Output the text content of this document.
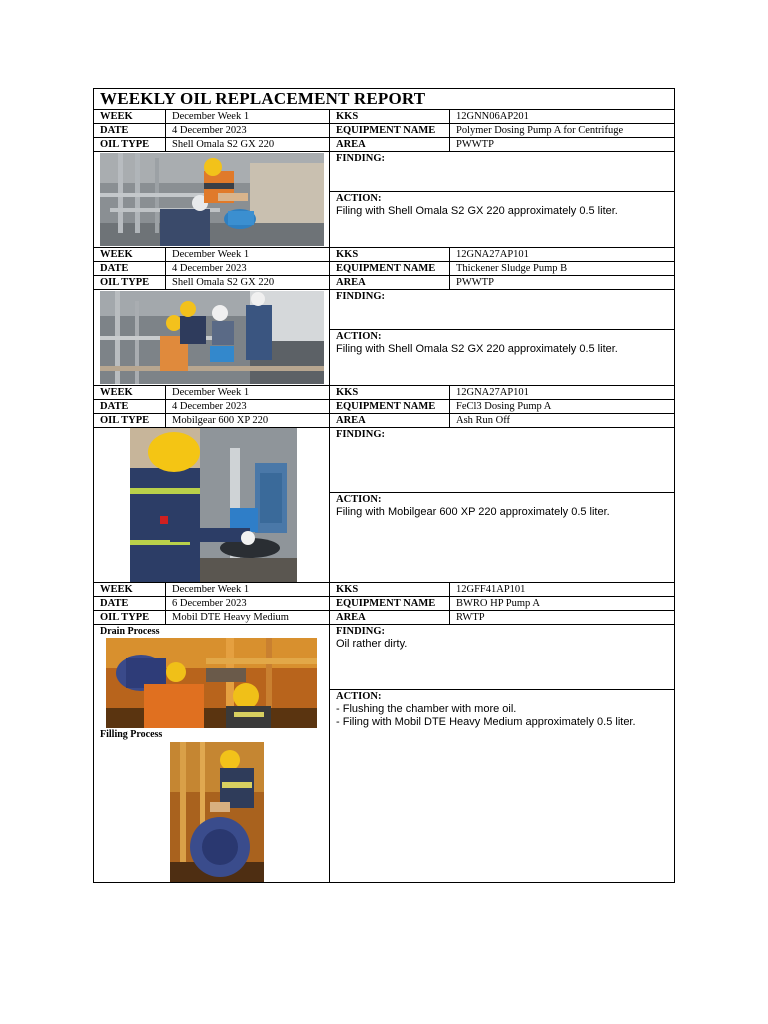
WEEKLY OIL REPLACEMENT REPORT
WEEK	December Week 1	KKS	12GNN06AP201
DATE	4 December 2023	EQUIPMENT NAME	Polymer Dosing Pump A for Centrifuge
OIL TYPE	Shell Omala S2 GX 220	AREA	PWWTP
FINDING:
ACTION:
Filing with Shell Omala S2 GX 220 approximately 0.5 liter.
WEEK	December Week 1	KKS	12GNA27AP101
DATE	4 December 2023	EQUIPMENT NAME	Thickener Sludge Pump B
OIL TYPE	Shell Omala S2 GX 220	AREA	PWWTP
FINDING:
ACTION:
Filing with Shell Omala S2 GX 220 approximately 0.5 liter.
WEEK	December Week 1	KKS	12GNA27AP101
DATE	4 December 2023	EQUIPMENT NAME	FeCl3 Dosing Pump A
OIL TYPE	Mobilgear 600 XP 220	AREA	Ash Run Off
FINDING:
ACTION:
Filing with Mobilgear 600 XP 220 approximately 0.5 liter.
WEEK	December Week 1	KKS	12GFF41AP101
DATE	6 December 2023	EQUIPMENT NAME	BWRO HP Pump A
OIL TYPE	Mobil DTE Heavy Medium	AREA	RWTP
Drain Process
Filling Process
FINDING:
Oil rather dirty.
ACTION:
- Flushing the chamber with more oil.
- Filing with Mobil DTE Heavy Medium approximately 0.5 liter.
